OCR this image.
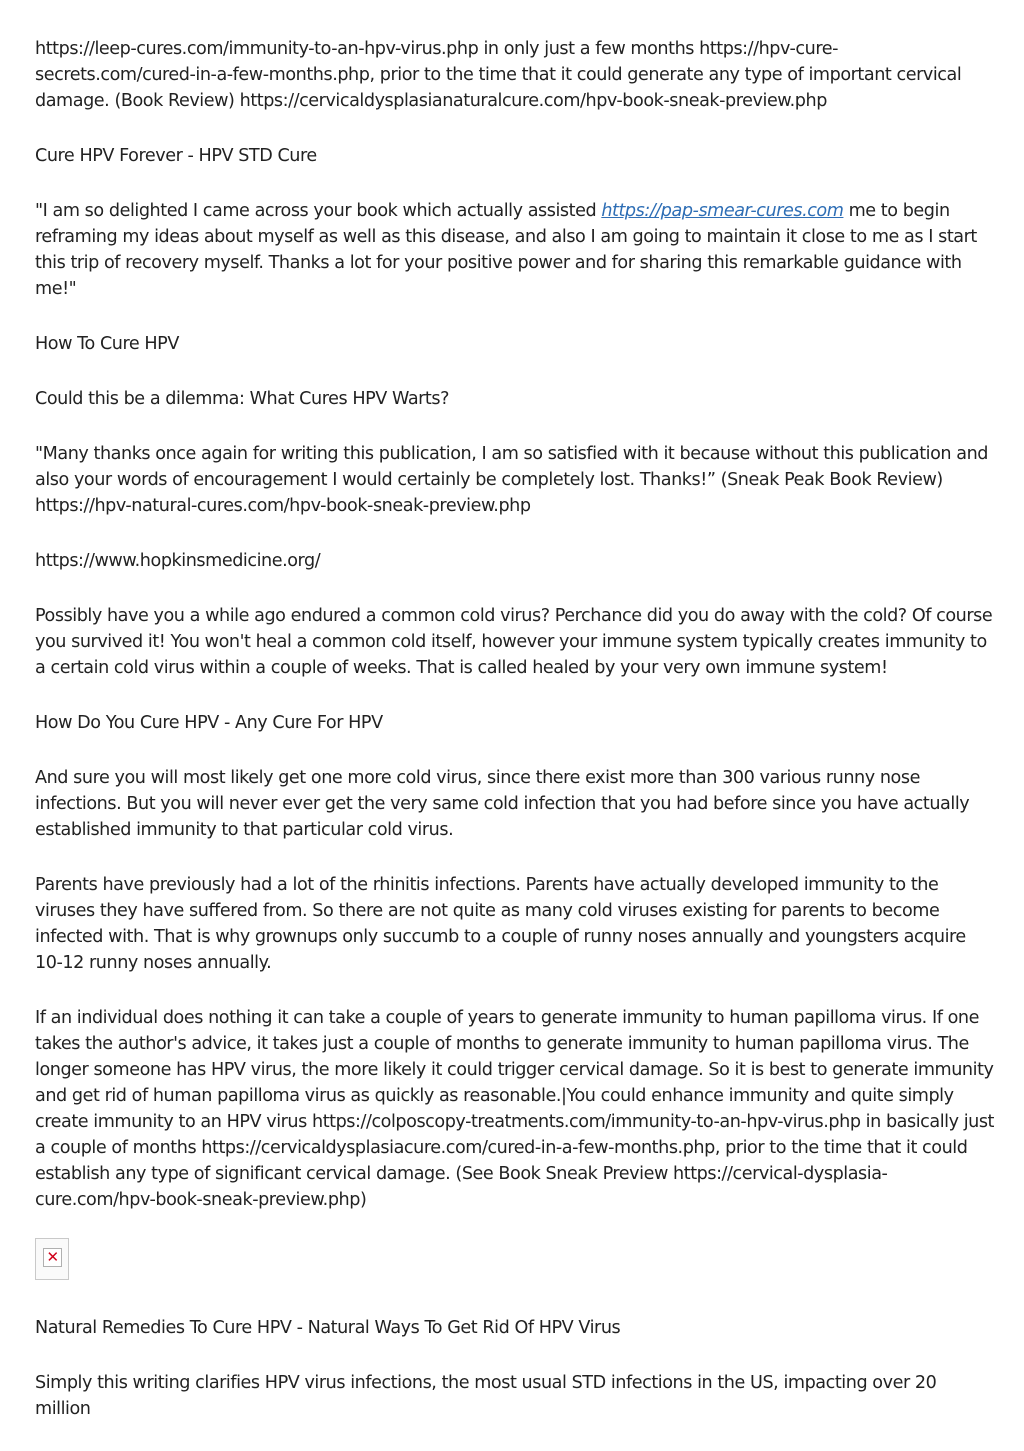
https://leep-cures.com/immunity-to-an-hpv-virus.php in only just a few months https://hpv-cure-secrets.com/cured-in-a-few-months.php, prior to the time that it could generate any type of important cervical damage. (Book Review) https://cervicaldysplasianaturalcure.com/hpv-book-sneak-preview.php

Cure HPV Forever - HPV STD Cure

"I am so delighted I came across your book which actually assisted https://pap-smear-cures.com me to begin reframing my ideas about myself as well as this disease, and also I am going to maintain it close to me as I start this trip of recovery myself. Thanks a lot for your positive power and for sharing this remarkable guidance with me!"

How To Cure HPV

Could this be a dilemma: What Cures HPV Warts?

"Many thanks once again for writing this publication, I am so satisfied with it because without this publication and also your words of encouragement I would certainly be completely lost. Thanks!” (Sneak Peak Book Review) https://hpv-natural-cures.com/hpv-book-sneak-preview.php

https://www.hopkinsmedicine.org/

Possibly have you a while ago endured a common cold virus? Perchance did you do away with the cold? Of course you survived it! You won't heal a common cold itself, however your immune system typically creates immunity to a certain cold virus within a couple of weeks. That is called healed by your very own immune system!

How Do You Cure HPV - Any Cure For HPV

And sure you will most likely get one more cold virus, since there exist more than 300 various runny nose infections. But you will never ever get the very same cold infection that you had before since you have actually established immunity to that particular cold virus.

Parents have previously had a lot of the rhinitis infections. Parents have actually developed immunity to the viruses they have suffered from. So there are not quite as many cold viruses existing for parents to become infected with. That is why grownups only succumb to a couple of runny noses annually and youngsters acquire 10-12 runny noses annually.

If an individual does nothing it can take a couple of years to generate immunity to human papilloma virus. If one takes the author's advice, it takes just a couple of months to generate immunity to human papilloma virus. The longer someone has HPV virus, the more likely it could trigger cervical damage. So it is best to generate immunity and get rid of human papilloma virus as quickly as reasonable.|You could enhance immunity and quite simply create immunity to an HPV virus https://colposcopy-treatments.com/immunity-to-an-hpv-virus.php in basically just a couple of months https://cervicaldysplasiacure.com/cured-in-a-few-months.php, prior to the time that it could establish any type of significant cervical damage. (See Book Sneak Preview https://cervical-dysplasia-cure.com/hpv-book-sneak-preview.php)

✕

Natural Remedies To Cure HPV - Natural Ways To Get Rid Of HPV Virus

Simply this writing clarifies HPV virus infections, the most usual STD infections in the US, impacting over 20 million
